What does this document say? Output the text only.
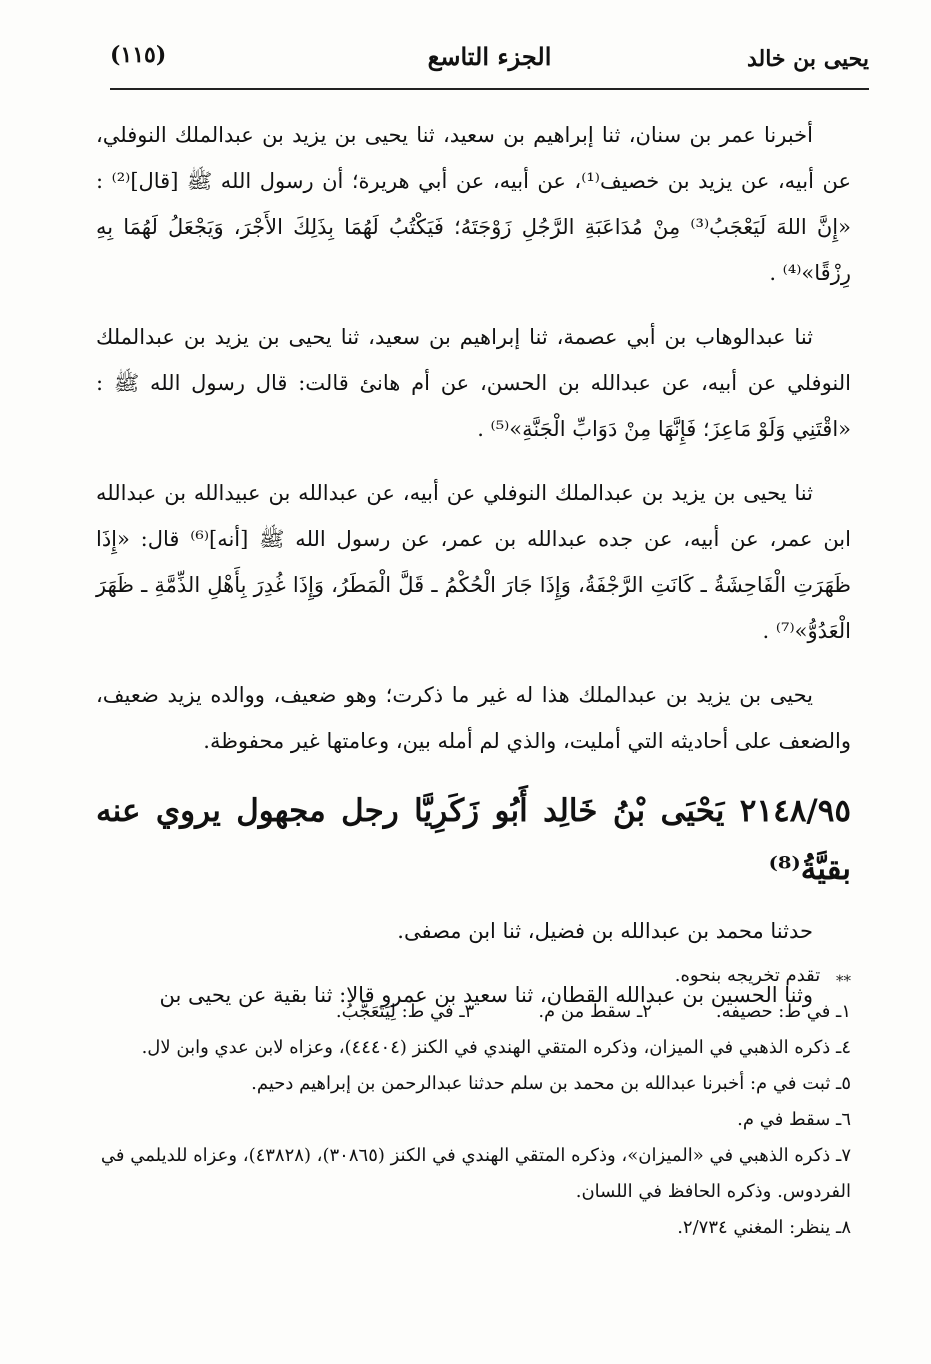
يحيى بن خالد
الجزء التاسع
(١١٥)

أخبرنا عمر بن سنان، ثنا إبراهيم بن سعيد، ثنا يحيى بن يزيد بن عبدالملك النوفلي، عن أبيه، عن يزيد بن خصيف⁽¹⁾، عن أبيه، عن أبي هريرة؛ أن رسول الله ﷺ [قال]⁽²⁾ : «إِنَّ اللهَ لَيَعْجَبُ⁽³⁾ مِنْ مُدَاعَبَةِ الرَّجُلِ زَوْجَتَهُ؛ فَيَكْتُبُ لَهُمَا بِذَلِكَ الأَجْرَ، وَيَجْعَلُ لَهُمَا بِهِ رِزْقًا»⁽⁴⁾ .

ثنا عبدالوهاب بن أبي عصمة، ثنا إبراهيم بن سعيد، ثنا يحيى بن يزيد بن عبدالملك النوفلي عن أبيه، عن عبدالله بن الحسن، عن أم هانئ قالت: قال رسول الله ﷺ : «اقْتَنِي وَلَوْ مَاعِزَ؛ فَإِنَّهَا مِنْ دَوَابِّ الْجَنَّةِ»⁽⁵⁾ .

ثنا يحيى بن يزيد بن عبدالملك النوفلي عن أبيه، عن عبدالله بن عبيدالله بن عبدالله ابن عمر، عن أبيه، عن جده عبدالله بن عمر، عن رسول الله ﷺ [أنه]⁽⁶⁾ قال: «إِذَا ظَهَرَتِ الْفَاحِشَةُ ـ كَانَتِ الرَّجْفَةُ، وَإِذَا جَارَ الْحُكْمُ ـ قَلَّ الْمَطَرُ، وَإِذَا غُدِرَ بِأَهْلِ الذِّمَّةِ ـ ظَهَرَ الْعَدُوُّ»⁽⁷⁾ .

يحيى بن يزيد بن عبدالملك هذا له غير ما ذكرت؛ وهو ضعيف، ووالده يزيد ضعيف، والضعف على أحاديثه التي أمليت، والذي لم أمله بين، وعامتها غير محفوظة.

٢١٤٨/٩٥ يَحْيَى بْنُ خَالِد أَبُو زَكَرِيَّا رجل مجهول يروي عنه بقيَّةُ⁽⁸⁾

حدثنا محمد بن عبدالله بن فضيل، ثنا ابن مصفى.

وثنا الحسين بن عبدالله القطان، ثنا سعيد بن عمرو قالا: ثنا بقية عن يحيى بن

⁎⁎ تقدم تخريجه بنحوه.

١ـ في ط: حصيفه.
٢ـ سقط من م.
٣ـ في ط: لِيَتَعَجَّبُ.

٤ـ ذكره الذهبي في الميزان، وذكره المتقي الهندي في الكنز (٤٤٤٠٤)، وعزاه لابن عدي وابن لال.

٥ـ ثبت في م: أخبرنا عبدالله بن محمد بن سلم حدثنا عبدالرحمن بن إبراهيم دحيم.

٦ـ سقط في م.

٧ـ ذكره الذهبي في «الميزان»، وذكره المتقي الهندي في الكنز (٣٠٨٦٥)، (٤٣٨٢٨)، وعزاه للديلمي في الفردوس. وذكره الحافظ في اللسان.

٨ـ ينظر: المغني ٢/٧٣٤.
